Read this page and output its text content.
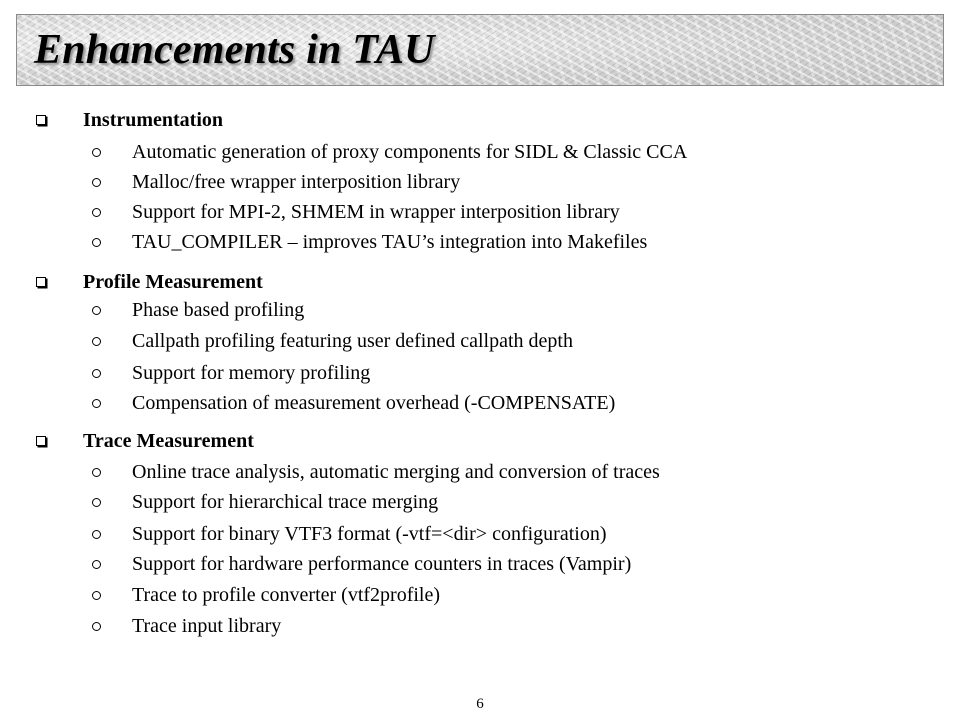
Enhancements in TAU
Instrumentation
Automatic generation of proxy components for SIDL & Classic CCA
Malloc/free wrapper interposition library
Support for MPI-2, SHMEM in wrapper interposition library
TAU_COMPILER – improves TAU’s integration into Makefiles
Profile Measurement
Phase based profiling
Callpath profiling featuring user defined callpath depth
Support for memory profiling
Compensation of measurement overhead (-COMPENSATE)
Trace Measurement
Online trace analysis, automatic merging and conversion of traces
Support for hierarchical trace merging
Support for binary VTF3 format (-vtf=<dir> configuration)
Support for hardware performance counters in traces (Vampir)
Trace to profile converter (vtf2profile)
Trace input library
6
